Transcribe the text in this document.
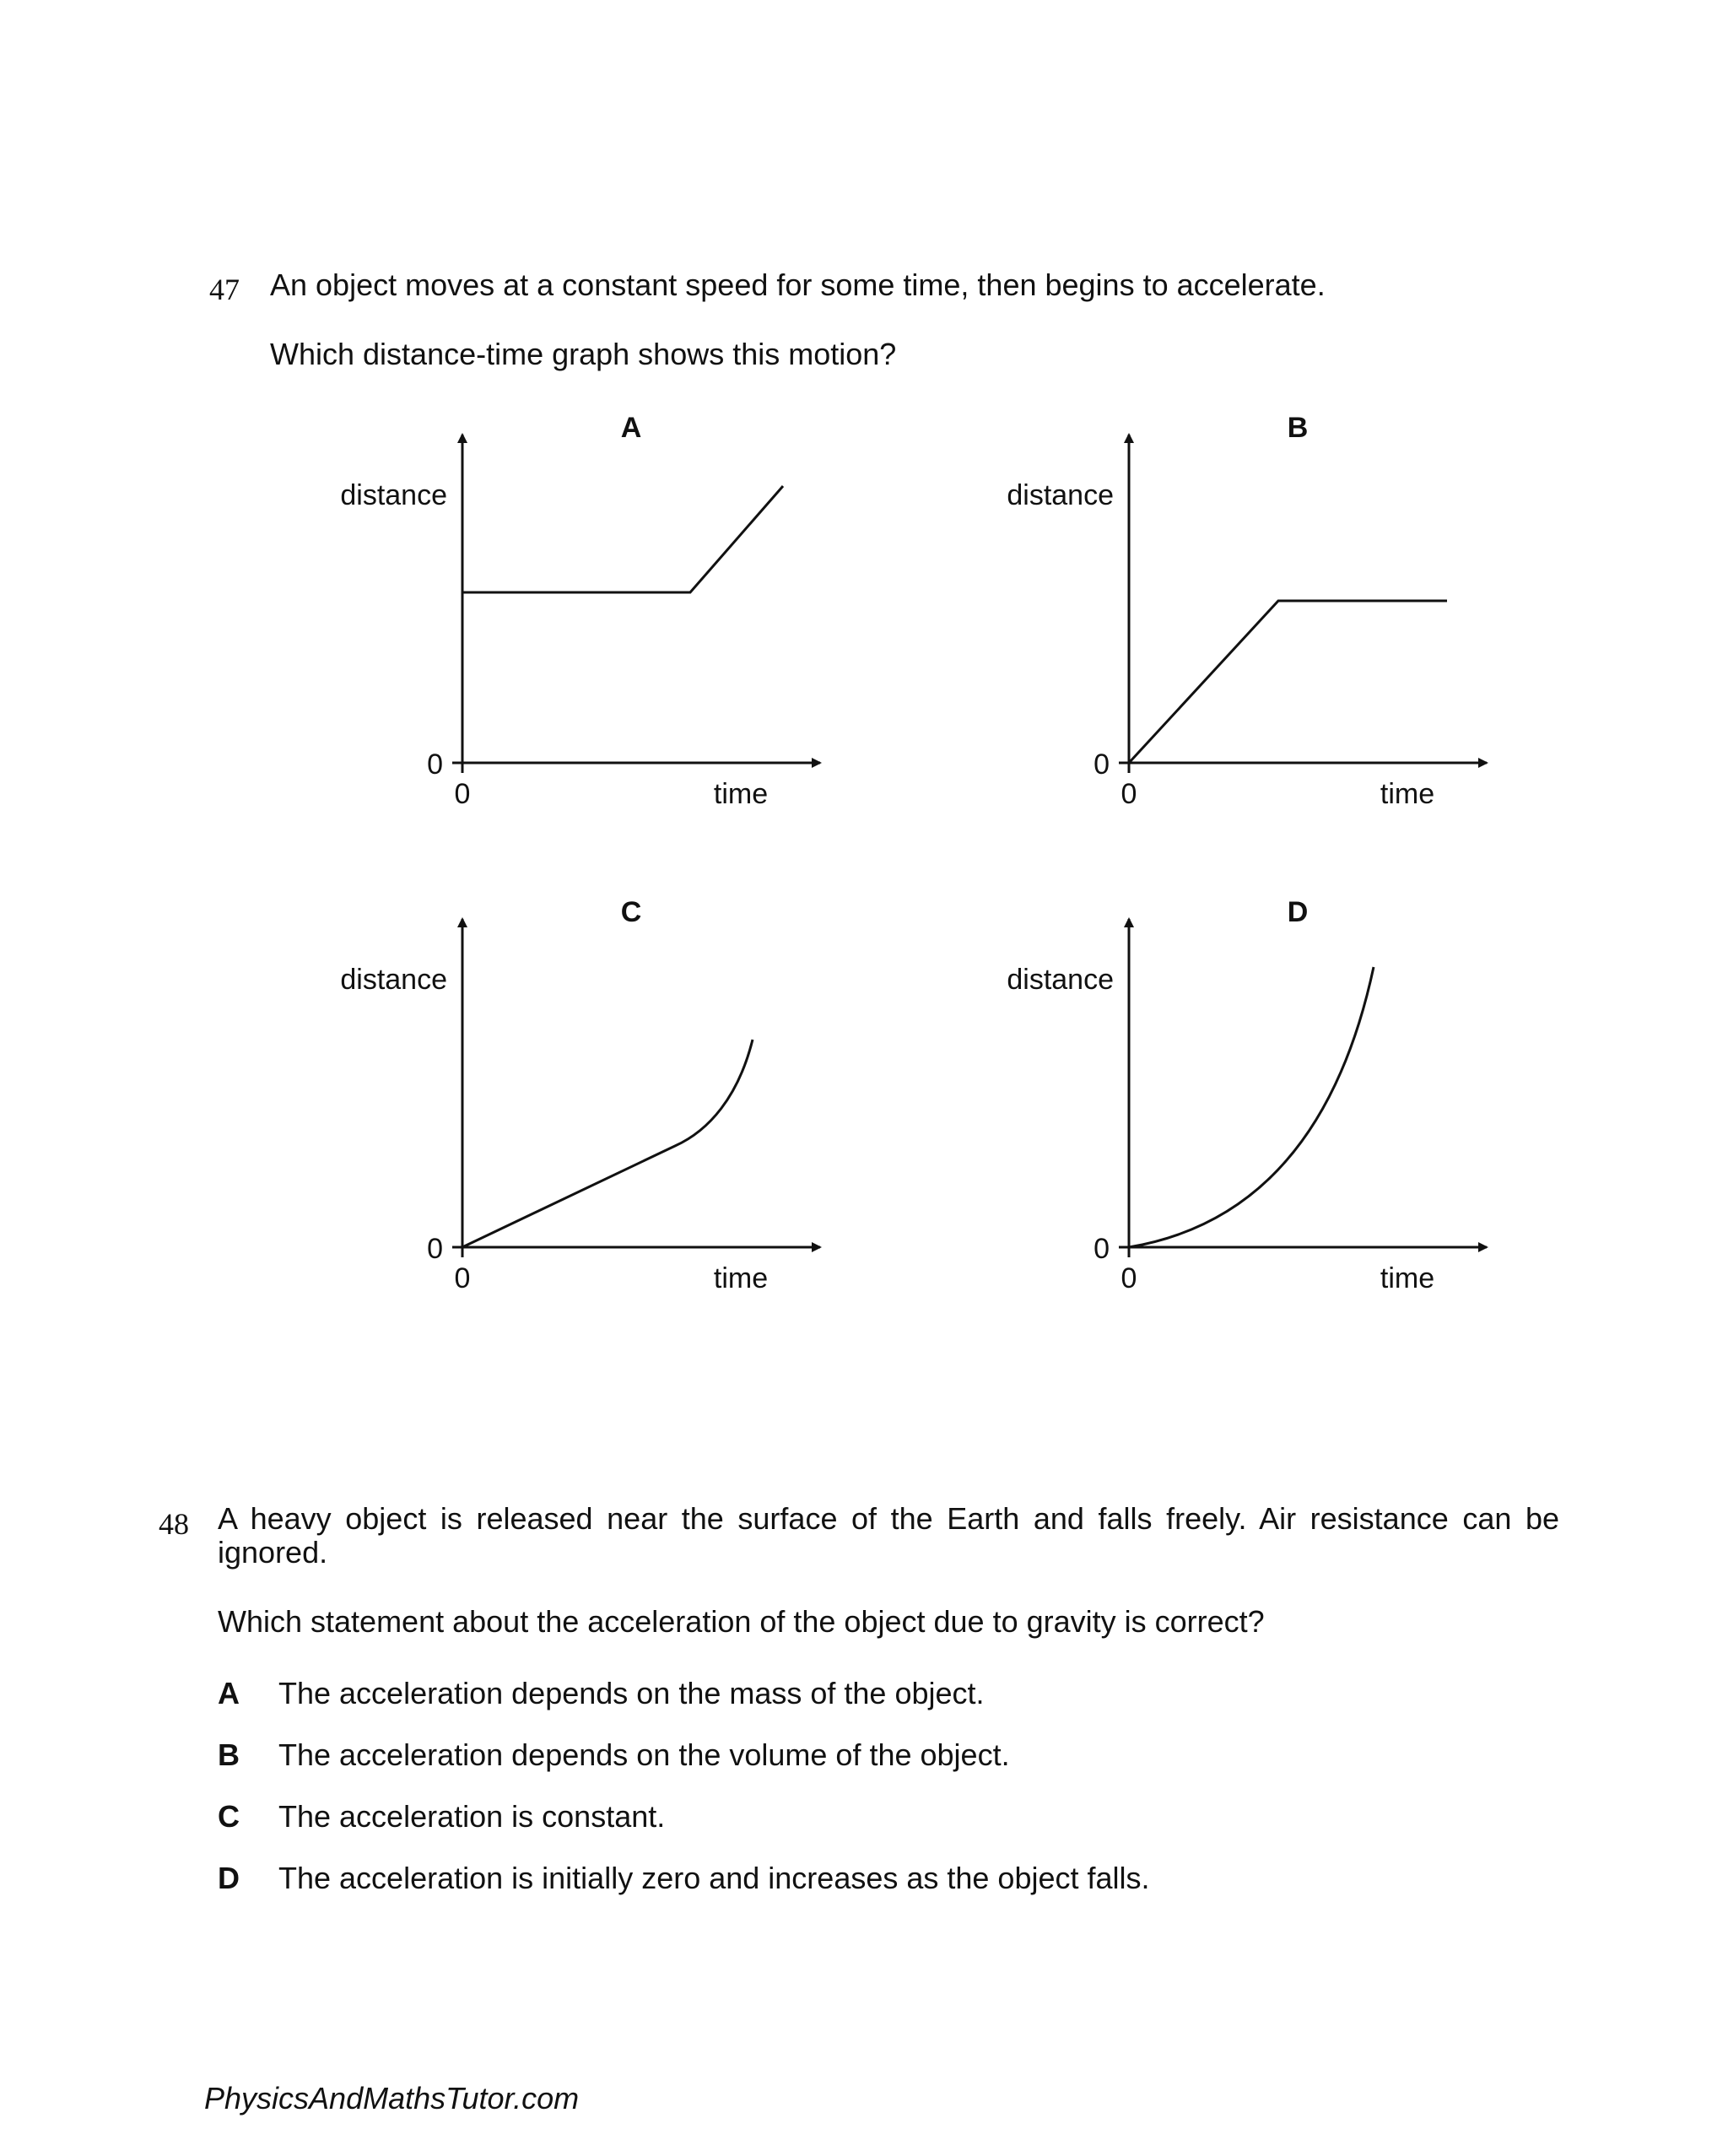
47 An object moves at a constant speed for some time, then begins to accelerate.
Which distance-time graph shows this motion?
A
distance
0
0	time
B
distance
0
0	time
C
distance
0
0	time
D
distance
0
0	time
48 A heavy object is released near the surface of the Earth and falls freely. Air resistance can be ignored.
Which statement about the acceleration of the object due to gravity is correct?
A The acceleration depends on the mass of the object.
B The acceleration depends on the volume of the object.
C The acceleration is constant.
D The acceleration is initially zero and increases as the object falls.
PhysicsAndMathsTutor.com
